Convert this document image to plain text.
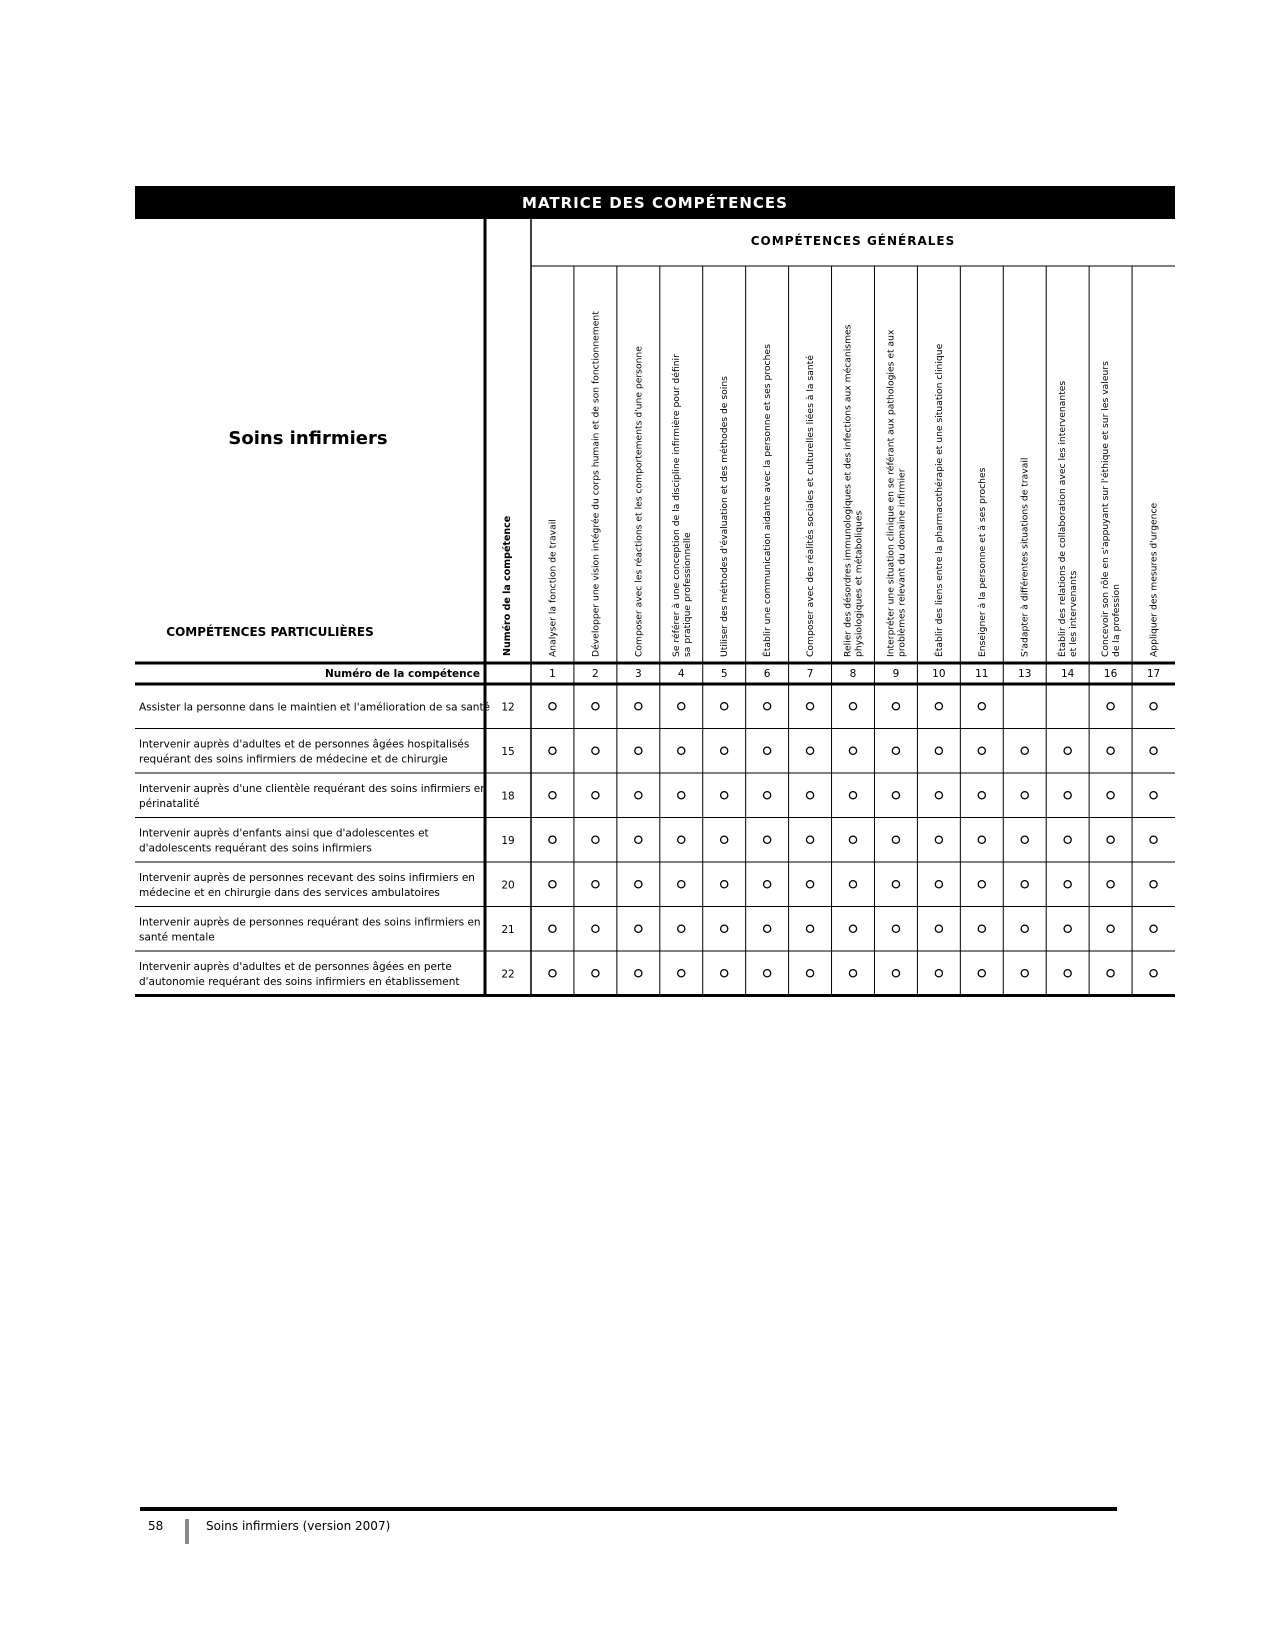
MATRICE DES COMPÉTENCES
Soins infirmiers
COMPÉTENCES GÉNÉRALES
COMPÉTENCES PARTICULIÈRES	Numéro de la compétence
Numéro de la compétence
Analyser la fonction de travail
1
Développer une vision intégrée du corps humain et de son fonctionnement
2
Composer avec les réactions et les comportements d'une personne
3
Se référer à une conception de la discipline infirmière pour définir sa pratique professionnelle
4
Utiliser des méthodes d'évaluation et des méthodes de soins
5
Établir une communication aidante avec la personne et ses proches
6
Composer avec des réalités sociales et culturelles liées à la santé
7
Relier des désordres immunologiques et des infections aux mécanismes physiologiques et métaboliques
8
Interpréter une situation clinique en se référant aux pathologies et aux problèmes relevant du domaine infirmier
9
Établir des liens entre la pharmacothérapie et une situation clinique
10
Enseigner à la personne et à ses proches
11
S'adapter à différentes situations de travail
13
Établir des relations de collaboration avec les intervenantes et les intervenants
14
Concevoir son rôle en s'appuyant sur l'éthique et sur les valeurs de la profession
16
Appliquer des mesures d'urgence
17
Assister la personne dans le maintien et l'amélioration de sa santé 12
Intervenir auprès d'adultes et de personnes âgées hospitalisés
requérant des soins infirmiers de médecine et de chirurgie
15
Intervenir auprès d'une clientèle requérant des soins infirmiers en
périnatalité
18
Intervenir auprès d'enfants ainsi que d'adolescentes et
d'adolescents requérant des soins infirmiers
19
Intervenir auprès de personnes recevant des soins infirmiers en
médecine et en chirurgie dans des services ambulatoires
20
Intervenir auprès de personnes requérant des soins infirmiers en
santé mentale
21
Intervenir auprès d'adultes et de personnes âgées en perte
d'autonomie requérant des soins infirmiers en établissement
22
58	Soins infirmiers (version 2007)
